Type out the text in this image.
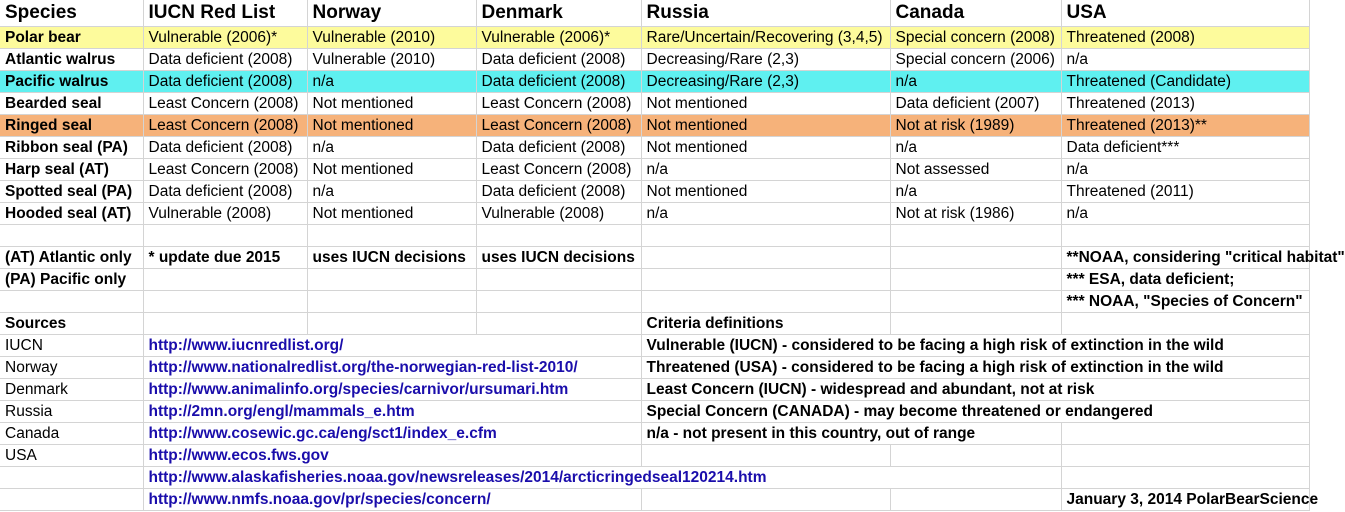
Species	IUCN Red List	Norway	Denmark	Russia	Canada	USA
Polar bear	Vulnerable (2006)*	Vulnerable (2010)	Vulnerable (2006)*	Rare/Uncertain/Recovering (3,4,5)	Special concern (2008)	Threatened (2008)
Atlantic walrus	Data deficient (2008)	Vulnerable (2010)	Data deficient (2008)	Decreasing/Rare (2,3)	Special concern (2006)	n/a
Pacific walrus	Data deficient (2008)	n/a	Data deficient (2008)	Decreasing/Rare (2,3)	n/a	Threatened (Candidate)
Bearded seal	Least Concern (2008)	Not mentioned	Least Concern (2008)	Not mentioned	Data deficient (2007)	Threatened (2013)
Ringed seal	Least Concern (2008)	Not mentioned	Least Concern (2008)	Not mentioned	Not at risk (1989)	Threatened (2013)**
Ribbon seal (PA)	Data deficient (2008)	n/a	Data deficient (2008)	Not mentioned	n/a	Data deficient***
Harp seal (AT)	Least Concern (2008)	Not mentioned	Least Concern (2008)	n/a	Not assessed	n/a
Spotted seal (PA)	Data deficient (2008)	n/a	Data deficient (2008)	Not mentioned	n/a	Threatened (2011)
Hooded seal (AT)	Vulnerable (2008)	Not mentioned	Vulnerable (2008)	n/a	Not at risk (1986)	n/a

(AT) Atlantic only	* update due 2015	uses IUCN decisions	uses IUCN decisions			**NOAA, considering "critical habitat"
(PA) Pacific only						*** ESA, data deficient;
						*** NOAA, "Species of Concern"
Sources				Criteria definitions		
IUCN	http://www.iucnredlist.org/			Vulnerable (IUCN) - considered to be facing a high risk of extinction in the wild		
Norway	http://www.nationalredlist.org/the-norwegian-red-list-2010/			Threatened (USA) - considered to be facing a high risk of extinction in the wild		
Denmark	http://www.animalinfo.org/species/carnivor/ursumari.htm			Least Concern (IUCN) - widespread and abundant, not at risk		
Russia	http://2mn.org/engl/mammals_e.htm			Special Concern (CANADA) - may become threatened or endangered		
Canada	http://www.cosewic.gc.ca/eng/sct1/index_e.cfm			n/a - not present in this country, out of range		
USA	http://www.ecos.fws.gov					
	http://www.alaskafisheries.noaa.gov/newsreleases/2014/arcticringedseal120214.htm					
	http://www.nmfs.noaa.gov/pr/species/concern/					January 3, 2014 PolarBearScience
